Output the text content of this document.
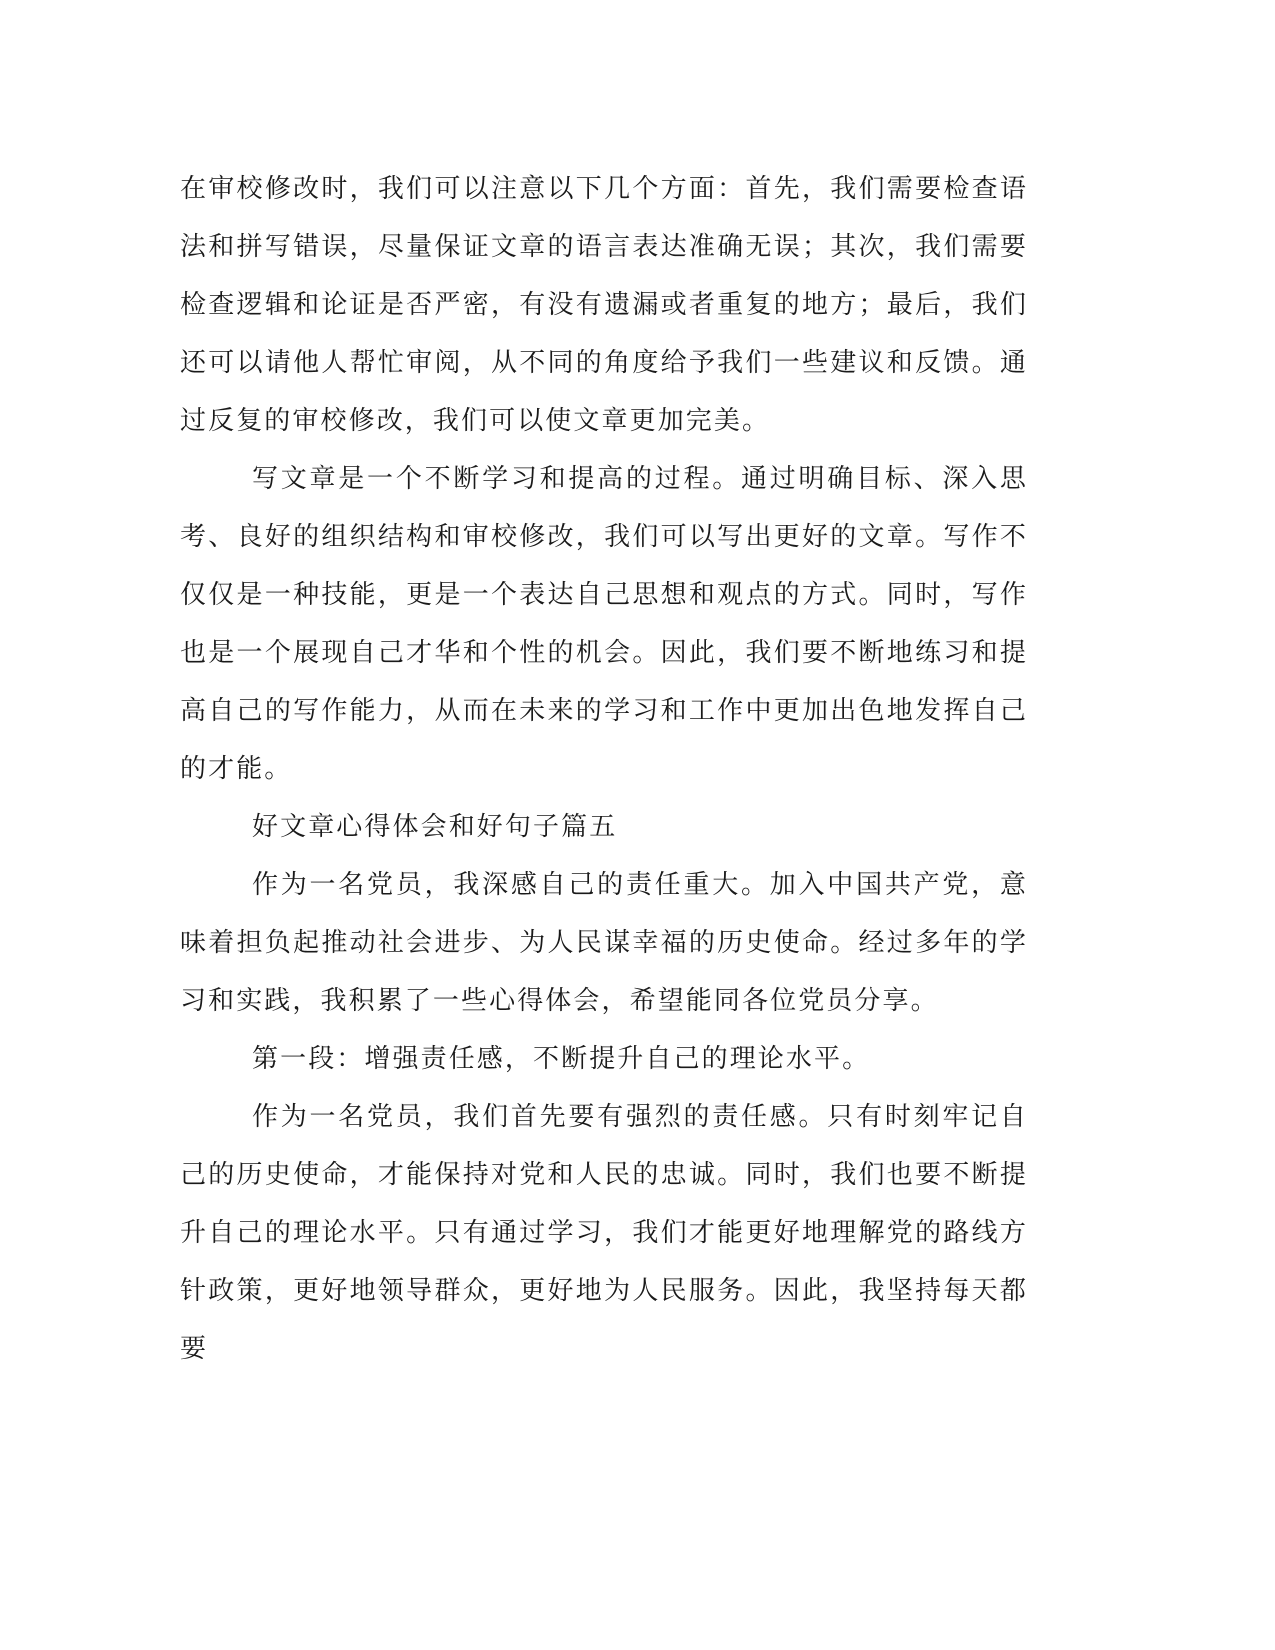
在审校修改时，我们可以注意以下几个方面：首先，我们需要检查语法和拼写错误，尽量保证文章的语言表达准确无误；其次，我们需要检查逻辑和论证是否严密，有没有遗漏或者重复的地方；最后，我们还可以请他人帮忙审阅，从不同的角度给予我们一些建议和反馈。通过反复的审校修改，我们可以使文章更加完美。

写文章是一个不断学习和提高的过程。通过明确目标、深入思考、良好的组织结构和审校修改，我们可以写出更好的文章。写作不仅仅是一种技能，更是一个表达自己思想和观点的方式。同时，写作也是一个展现自己才华和个性的机会。因此，我们要不断地练习和提高自己的写作能力，从而在未来的学习和工作中更加出色地发挥自己的才能。

好文章心得体会和好句子篇五

作为一名党员，我深感自己的责任重大。加入中国共产党，意味着担负起推动社会进步、为人民谋幸福的历史使命。经过多年的学习和实践，我积累了一些心得体会，希望能同各位党员分享。

第一段：增强责任感，不断提升自己的理论水平。

作为一名党员，我们首先要有强烈的责任感。只有时刻牢记自己的历史使命，才能保持对党和人民的忠诚。同时，我们也要不断提升自己的理论水平。只有通过学习，我们才能更好地理解党的路线方针政策，更好地领导群众，更好地为人民服务。因此，我坚持每天都要
